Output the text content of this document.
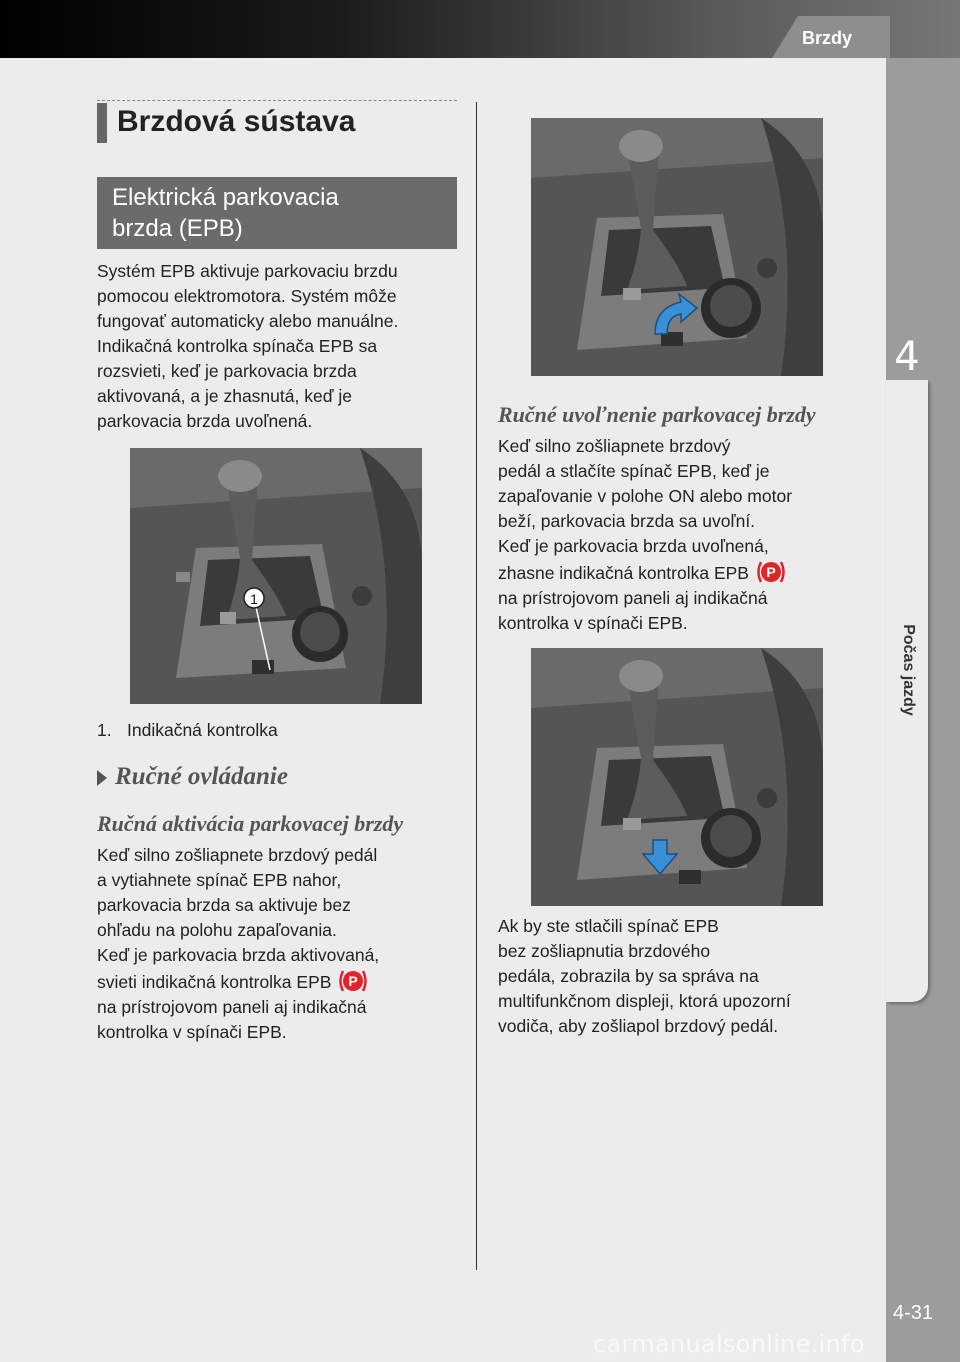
Brzdy
4
Počas jazdy
4-31
carmanualsonline.info
Brzdová sústava
Elektrická parkovacia
brzda (EPB)

Systém EPB aktivuje parkovaciu brzdu

pomocou elektromotora. Systém môže

fungovať automaticky alebo manuálne.

Indikačná kontrolka spínača EPB sa

rozsvieti, keď je parkovacia brzda

aktivovaná, a je zhasnutá, keď je

parkovacia brzda uvoľnená.

1
1. Indikačná kontrolka
Ručné ovládanie
Ručná aktivácia parkovacej brzdy

Keď silno zošliapnete brzdový pedál

a vytiahnete spínač EPB nahor,

parkovacia brzda sa aktivuje bez

ohľadu na polohu zapaľovania.

Keď je parkovacia brzda aktivovaná,

svieti indikačná kontrolka EPB P

na prístrojovom paneli aj indikačná

kontrolka v spínači EPB.

Ručné uvoľnenie parkovacej brzdy

Keď silno zošliapnete brzdový

pedál a stlačíte spínač EPB, keď je

zapaľovanie v polohe ON alebo motor

beží, parkovacia brzda sa uvoľní.

Keď je parkovacia brzda uvoľnená,

zhasne indikačná kontrolka EPB P

na prístrojovom paneli aj indikačná

kontrolka v spínači EPB.

Ak by ste stlačili spínač EPB

bez zošliapnutia brzdového

pedála, zobrazila by sa správa na

multifunkčnom displeji, ktorá upozorní

vodiča, aby zošliapol brzdový pedál.
